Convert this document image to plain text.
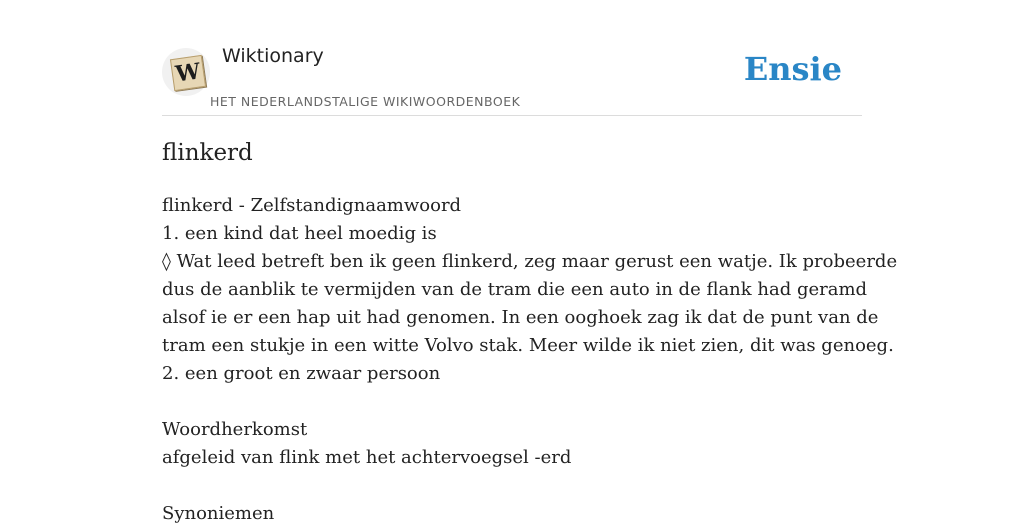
W
Wiktionary
HET NEDERLANDSTALIGE WIKIWOORDENBOEK
Ensie
flinkerd
flinkerd - Zelfstandignaamwoord
1. een kind dat heel moedig is
◊ Wat leed betreft ben ik geen flinkerd, zeg maar gerust een watje. Ik probeerde
dus de aanblik te vermijden van de tram die een auto in de flank had geramd
alsof ie er een hap uit had genomen. In een ooghoek zag ik dat de punt van de
tram een stukje in een witte Volvo stak. Meer wilde ik niet zien, dit was genoeg.
2. een groot en zwaar persoon
Woordherkomst
afgeleid van flink met het achtervoegsel -erd
Synoniemen
